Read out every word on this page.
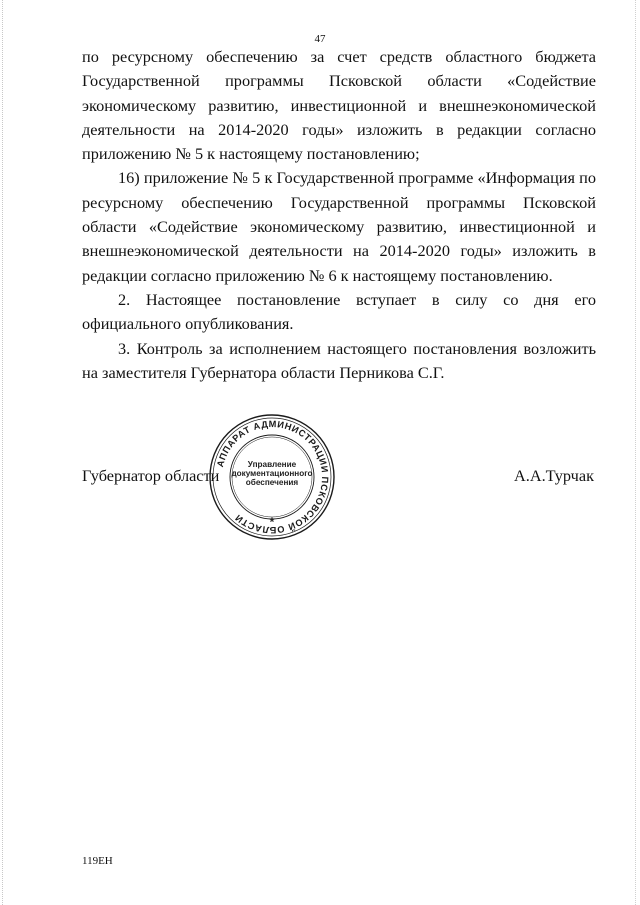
47

по ресурсному обеспечению за счет средств областного бюджета Государственной программы Псковской области «Содействие экономическому развитию, инвестиционной и внешнеэкономической деятельности на 2014-2020 годы» изложить в редакции согласно приложению № 5 к настоящему постановлению;

16) приложение № 5 к Государственной программе «Информация по ресурсному обеспечению Государственной программы Псковской области «Содействие экономическому развитию, инвестиционной и внешнеэкономической деятельности на 2014-2020 годы» изложить в редакции согласно приложению № 6 к настоящему постановлению.

2. Настоящее постановление вступает в силу со дня его официального опубликования.

3. Контроль за исполнением настоящего постановления возложить на заместителя Губернатора области Перникова С.Г.

Губернатор области	А.А.Турчак
АППАРАТ АДМИНИСТРАЦИИ ПСКОВСКОЙ ОБЛАСТИ
Управление
документационного
обеспечения
*
119ЕН
